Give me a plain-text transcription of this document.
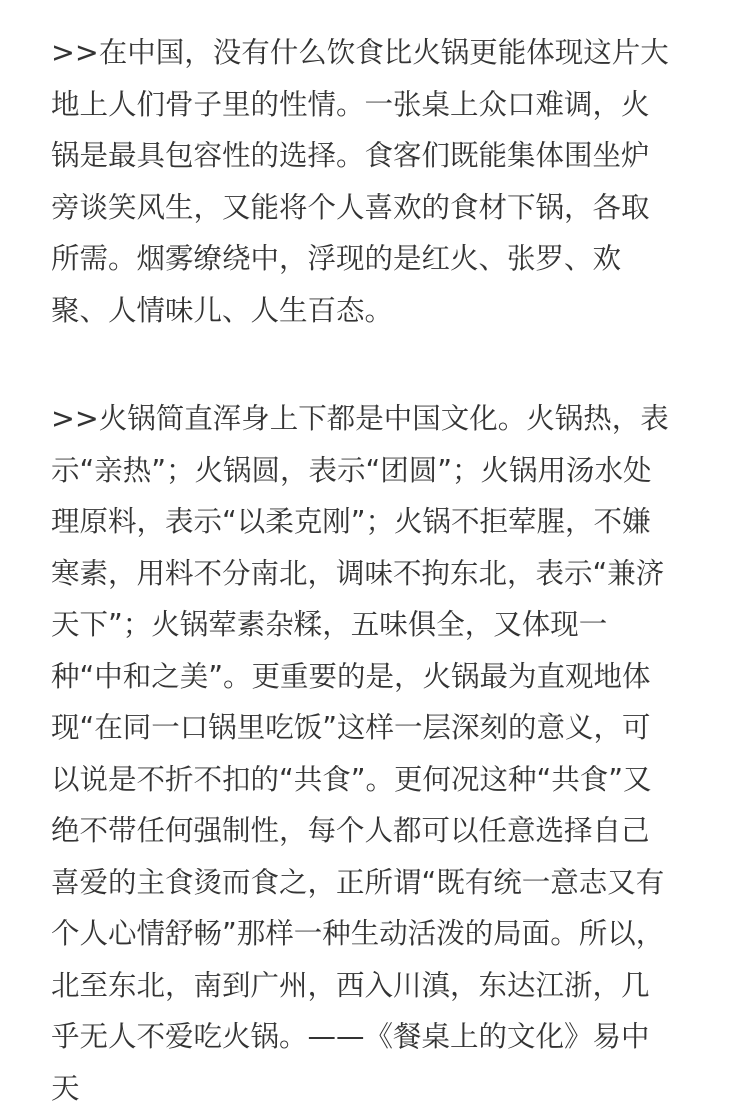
>>在中国，没有什么饮食比火锅更能体现这片大
地上人们骨子里的性情。一张桌上众口难调，火
锅是最具包容性的选择。食客们既能集体围坐炉
旁谈笑风生，又能将个人喜欢的食材下锅，各取
所需。烟雾缭绕中，浮现的是红火、张罗、欢
聚、人情味儿、人生百态。
>>火锅简直浑身上下都是中国文化。火锅热，表
示“亲热”；火锅圆，表示“团圆”；火锅用汤水处
理原料，表示“以柔克刚”；火锅不拒荤腥，不嫌
寒素，用料不分南北，调味不拘东北，表示“兼济
天下”；火锅荤素杂糅，五味俱全，又体现一
种“中和之美”。更重要的是，火锅最为直观地体
现“在同一口锅里吃饭”这样一层深刻的意义，可
以说是不折不扣的“共食”。更何况这种“共食”又
绝不带任何强制性，每个人都可以任意选择自己
喜爱的主食烫而食之，正所谓“既有统一意志又有
个人心情舒畅”那样一种生动活泼的局面。所以，
北至东北，南到广州，西入川滇，东达江浙，几
乎无人不爱吃火锅。——《餐桌上的文化》易中
天
